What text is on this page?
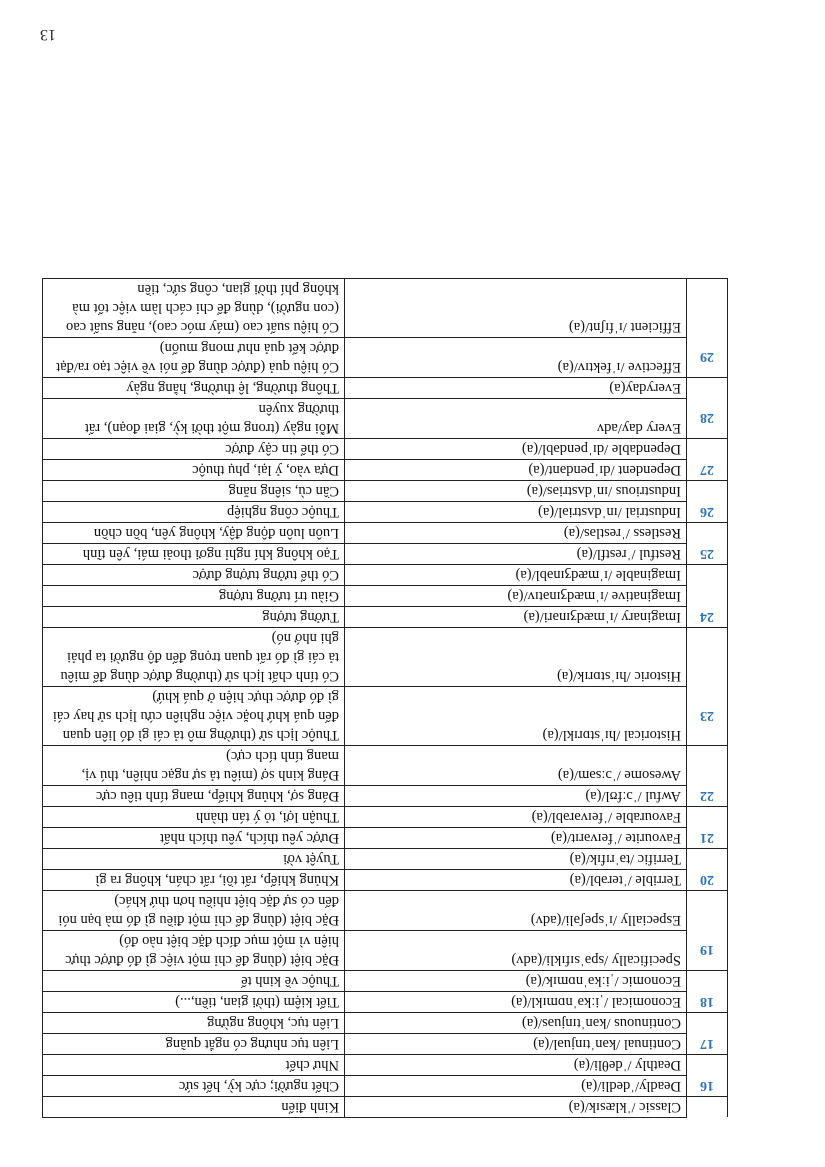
	Classic /ˈklæsɪk/(a)	Kinh điển
16	Deadly/ˈdedli/(a)	Chết người; cực kỳ, hết sức
	Deathly /ˈdeθli/(a)	Như chết
17	Continual /kənˈtɪnjuəl/(a)	Liên tục nhưng có ngắt quãng
	Continuous /kənˈtɪnjuəs/(a)	Liên tục, không ngừng
18	Economical /ˌiːkəˈnɒmɪkl/(a)	Tiết kiệm (thời gian, tiền,...)
	Economic /ˌiːkəˈnɒmɪk/(a)	Thuộc về kinh tế
19	Specifically /spəˈsɪfɪkli/(adv)	Đặc biệt (dùng để chỉ một việc gì đó được thực hiện vì một mục đích đặc biệt nào đó)
	Especially /ɪˈspeʃəli/(adv)	Đặc biệt (dùng để chỉ một điều gì đó mà bạn nói đến có sự đặc biệt nhiều hơn thứ khác)
20	Terrible /ˈterəbl/(a)	Khủng khiếp, rất tồi, rất chán, không ra gì
	Terrific /təˈrɪfɪk/(a)	Tuyệt vời
21	Favourite /ˈfeɪvərɪt/(a)	Được yêu thích, yêu thích nhất
	Favourable /ˈfeɪvərəbl/(a)	Thuận lợi, tỏ ý tán thành
22	Awful /ˈɔːfʊl/(a)	Đáng sợ, khủng khiếp, mang tính tiêu cực
	Awesome /ˈɔːsəm/(a)	Đáng kinh sợ (miêu tả sự ngạc nhiên, thú vị, mang tính tích cực)
23	Historical /hɪˈstɒrɪkl/(a)	Thuộc lịch sử (thường mô tả cái gì đó liên quan đến quá khứ hoặc việc nghiên cứu lịch sử hay cái gì đó được thực hiện ở quá khứ)
	Historic /hɪˈstɒrɪk/(a)	Có tính chất lịch sử (thường được dùng để miêu tả cái gì đó rất quan trọng đến độ người ta phải ghi nhớ nó)
24	Imaginary /ɪˈmædʒɪnəri/(a)	Tưởng tượng
	Imaginative /ɪˈmædʒɪnətɪv/(a)	Giàu trí tưởng tượng
	Imaginable /ɪˈmædʒɪnəbl/(a)	Có thể tưởng tượng được
25	Restful /ˈrestfl/(a)	Tạo không khí nghỉ ngơi thoải mái, yên tĩnh
	Restless /ˈrestləs/(a)	Luôn luôn động đậy, không yên, bồn chồn
26	Industrial /ɪnˈdʌstriəl/(a)	Thuộc công nghiệp
	Industrious /ɪnˈdʌstriəs/(a)	Cần cù, siêng năng
27	Dependent /dɪˈpendənt/(a)	Dựa vào, ỷ lại, phụ thuộc
	Dependable /dɪˈpendəbl/(a)	Có thể tin cậy được
28	Every day/adv	Mỗi ngày (trong một thời kỳ, giai đoạn), rất thường xuyên
	Everyday(a)	Thông thường, lệ thường, hằng ngày
29	Effective /ɪˈfektɪv/(a)	Có hiệu quả (được dùng để nói về việc tạo ra/đạt được kết quả như mong muốn)
	Efficient /ɪˈfɪʃnt/(a)	Có hiệu suất cao (máy móc cao), năng suất cao (con người), dùng để chỉ cách làm việc tốt mà không phí thời gian, công sức, tiền
13
